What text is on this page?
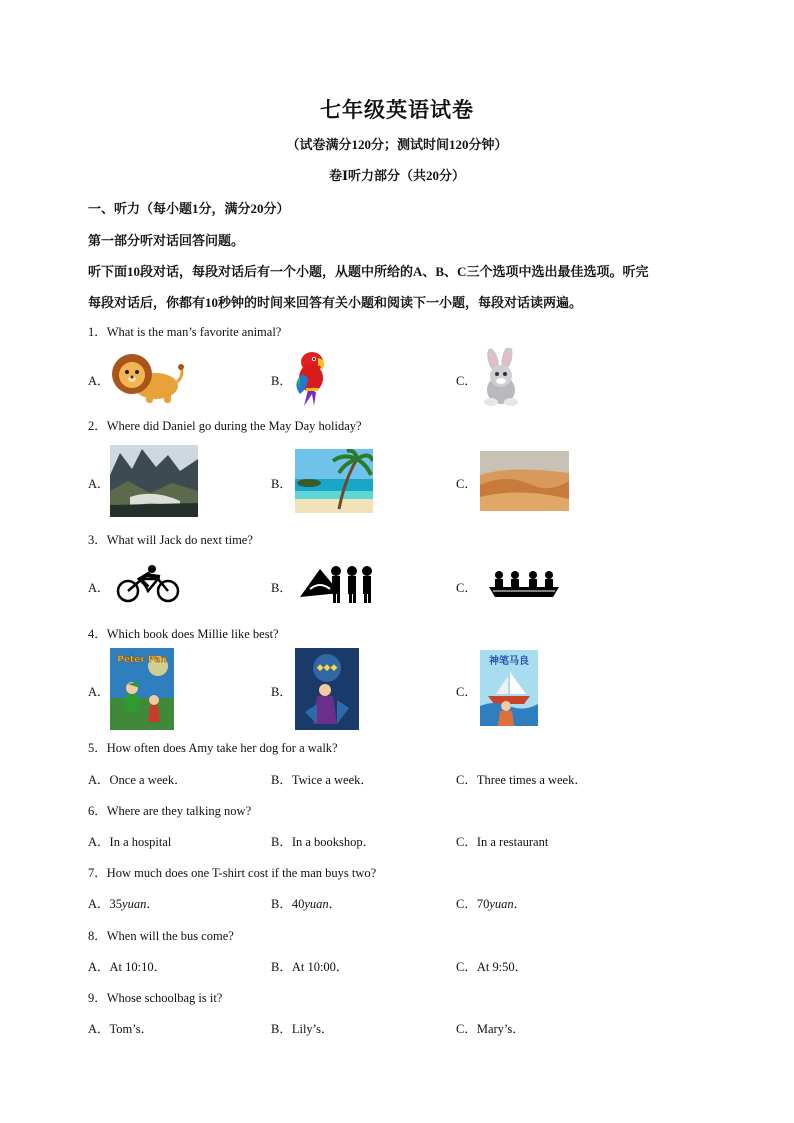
七年级英语试卷
（试卷满分120分；测试时间120分钟）
卷Ⅰ听力部分（共20分）
一、听力（每小题1分，满分20分）
第一部分听对话回答问题。
听下面10段对话，每段对话后有一个小题，从题中所给的A、B、C三个选项中选出最佳选项。听完
每段对话后，你都有10秒钟的时间来回答有关小题和阅读下一小题，每段对话读两遍。
1．What is the man’s favorite animal?
A．	B．	C．
2．Where did Daniel go during the May Day holiday?
A．	B．	C．
3．What will Jack do next time?
A．	B．	C．
4．Which book does Millie like best?
A．	B．	C．
Peter Pan
◆◆◆
神笔马良
5．How often does Amy take her dog for a walk?
A．Once a week．	B．Twice a week．	C．Three times a week．
6．Where are they talking now?
A．In a hospital	B．In a bookshop．	C．In a restaurant
7．How much does one T-shirt cost if the man buys two?
A．35yuan．	B．40yuan．	C．70yuan．
8．When will the bus come?
A．At 10:10．	B．At 10:00．	C．At 9:50．
9．Whose schoolbag is it?
A．Tom’s．	B．Lily’s．	C．Mary’s．
